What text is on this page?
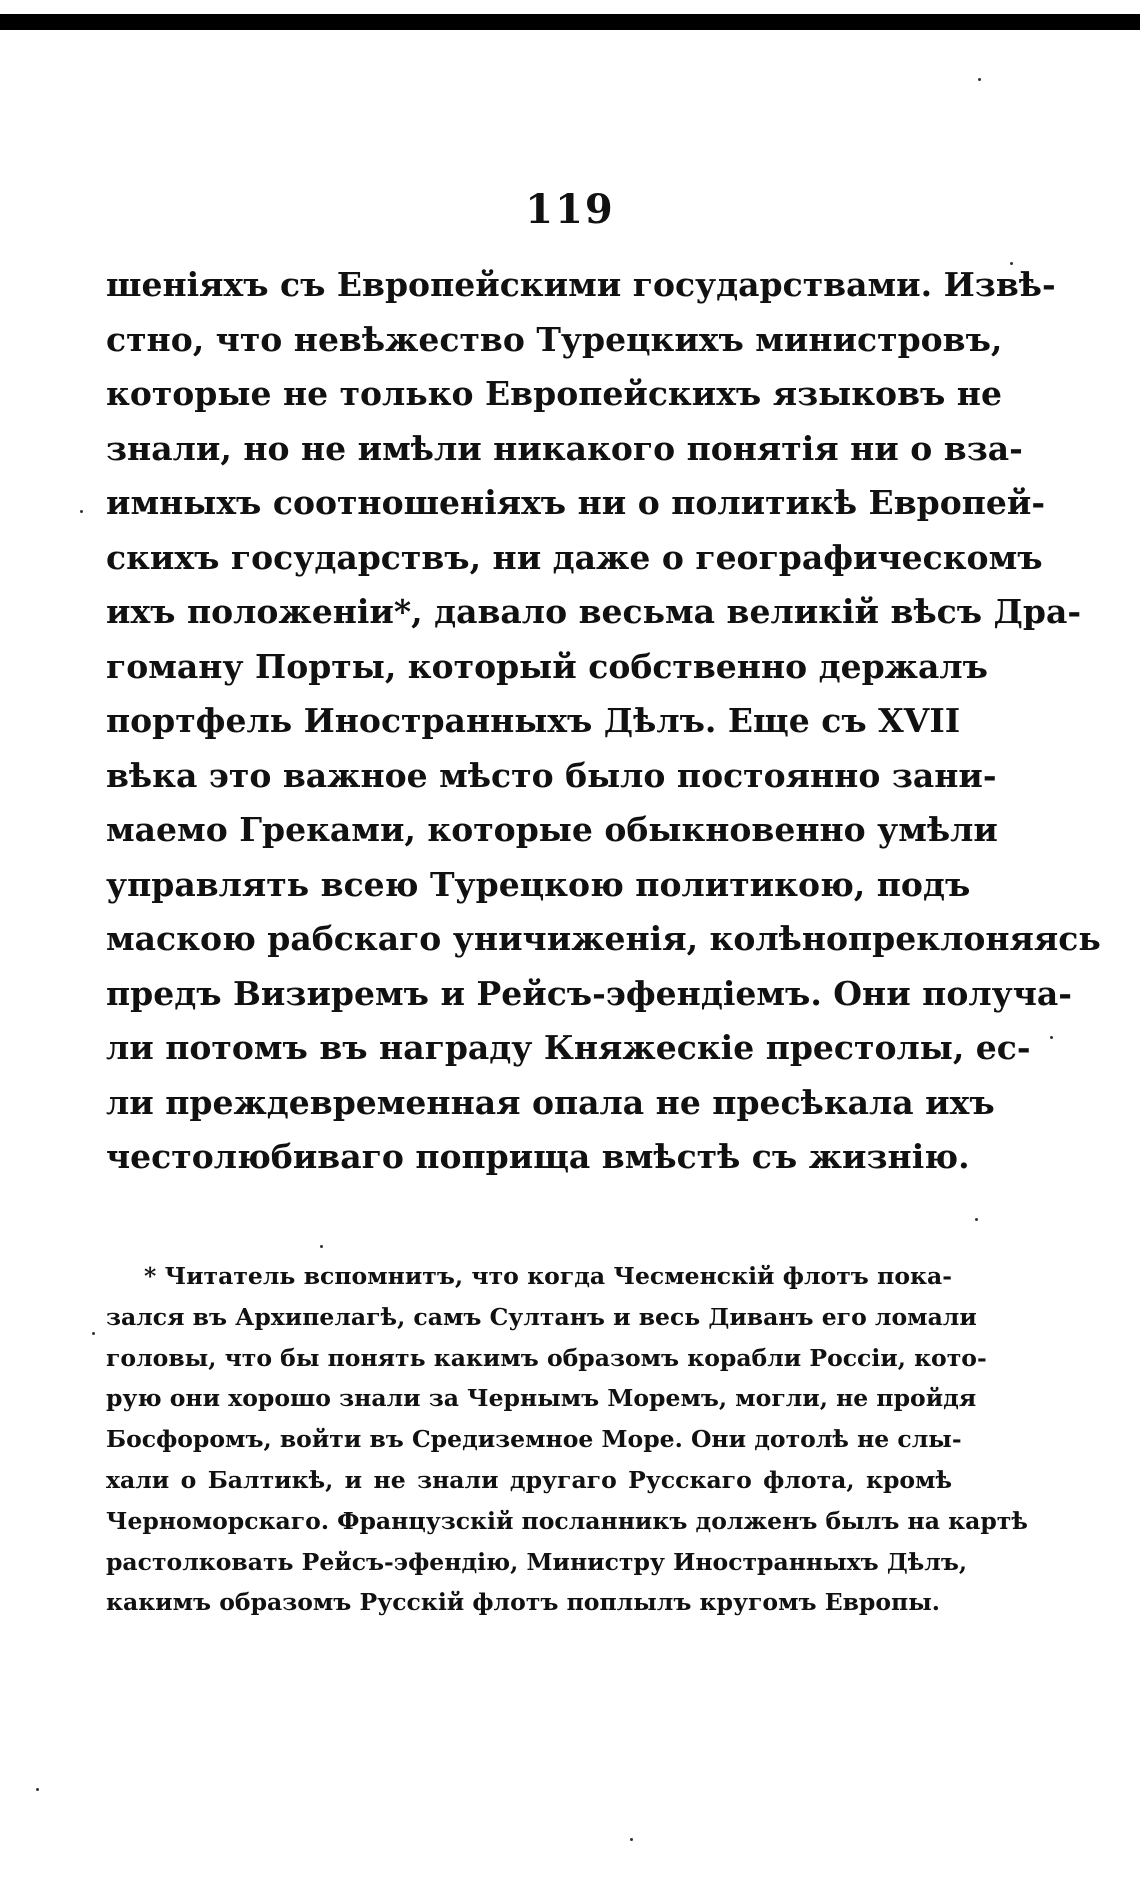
119
шеніяхъ съ Европейскими государствами. Извѣ-
стно, что невѣжество Турецкихъ министровъ,
которые не только Европейскихъ языковъ не
знали, но не имѣли никакого понятія ни о вза-
имныхъ соотношеніяхъ ни о политикѣ Европей-
скихъ государствъ, ни даже о географическомъ
ихъ положеніи*, давало весьма великій вѣсъ Дра-
гоману Порты, который собственно держалъ
портфель Иностранныхъ Дѣлъ. Еще съ XVII
вѣка это важное мѣсто было постоянно зани-
маемо Греками, которые обыкновенно умѣли
управлять всею Турецкою политикою, подъ
маскою рабскаго уничиженія, колѣнопреклоняясь
предъ Визиремъ и Рейсъ-эфендіемъ. Они получа-
ли потомъ въ награду Княжескіе престолы, ес-
ли преждевременная опала не пресѣкала ихъ
честолюбиваго поприща вмѣстѣ съ жизнію.
* Читатель вспомнитъ, что когда Чесменскій флотъ пока-
зался въ Архипелагѣ, самъ Султанъ и весь Диванъ его ломали
головы, что бы понять какимъ образомъ корабли Россіи, кото-
рую они хорошо знали за Чернымъ Моремъ, могли, не пройдя
Босфоромъ, войти въ Средиземное Море. Они дотолѣ не слы-
хали о Балтикѣ, и не знали другаго Русскаго флота, кромѣ
Черноморскаго. Французскій посланникъ долженъ былъ на картѣ
растолковать Рейсъ-эфендію, Министру Иностранныхъ Дѣлъ,
какимъ образомъ Русскій флотъ поплылъ кругомъ Европы.
